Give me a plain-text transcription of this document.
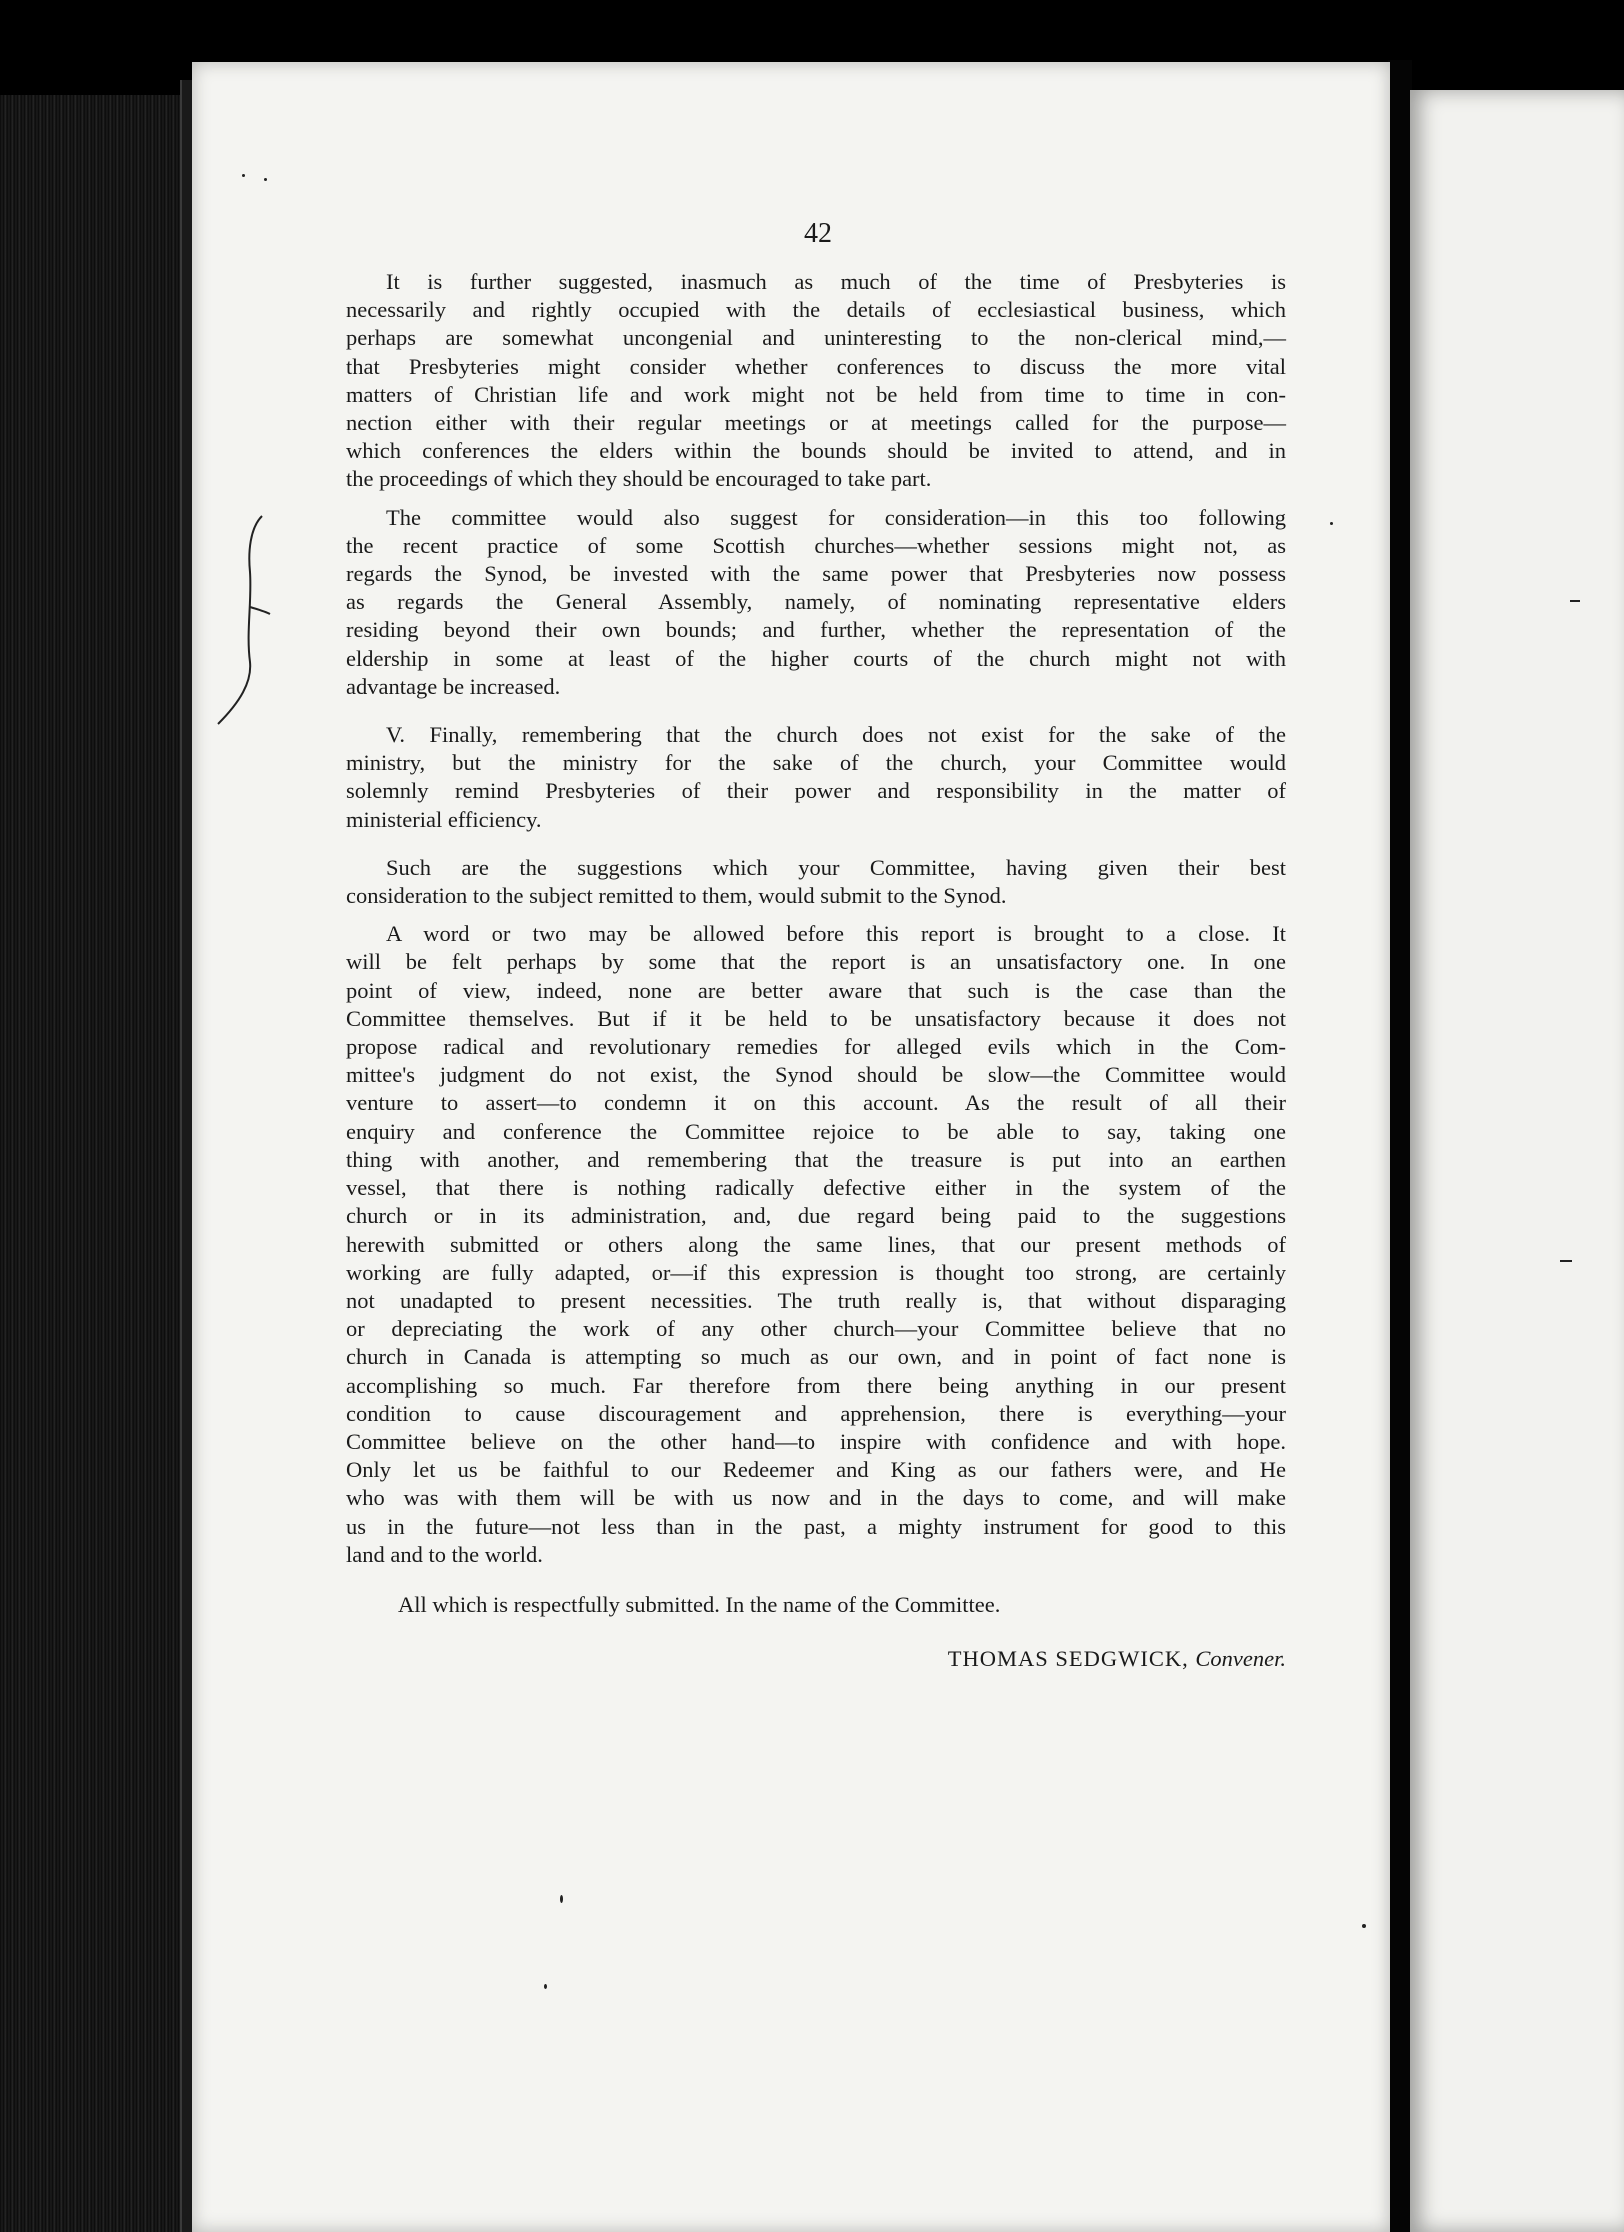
42
It is further suggested, inasmuch as much of the time of Presbyteries is
necessarily and rightly occupied with the details of ecclesiastical business, which
perhaps are somewhat uncongenial and uninteresting to the non-clerical mind,—
that Presbyteries might consider whether conferences to discuss the more vital
matters of Christian life and work might not be held from time to time in con-
nection either with their regular meetings or at meetings called for the purpose—
which conferences the elders within the bounds should be invited to attend, and in
the proceedings of which they should be encouraged to take part.
The committee would also suggest for consideration—in this too following
the recent practice of some Scottish churches—whether sessions might not, as
regards the Synod, be invested with the same power that Presbyteries now possess
as regards the General Assembly, namely, of nominating representative elders
residing beyond their own bounds; and further, whether the representation of the
eldership in some at least of the higher courts of the church might not with
advantage be increased.
V. Finally, remembering that the church does not exist for the sake of the
ministry, but the ministry for the sake of the church, your Committee would
solemnly remind Presbyteries of their power and responsibility in the matter of
ministerial efficiency.
Such are the suggestions which your Committee, having given their best
consideration to the subject remitted to them, would submit to the Synod.
A word or two may be allowed before this report is brought to a close. It
will be felt perhaps by some that the report is an unsatisfactory one. In one
point of view, indeed, none are better aware that such is the case than the
Committee themselves. But if it be held to be unsatisfactory because it does not
propose radical and revolutionary remedies for alleged evils which in the Com-
mittee's judgment do not exist, the Synod should be slow—the Committee would
venture to assert—to condemn it on this account. As the result of all their
enquiry and conference the Committee rejoice to be able to say, taking one
thing with another, and remembering that the treasure is put into an earthen
vessel, that there is nothing radically defective either in the system of the
church or in its administration, and, due regard being paid to the suggestions
herewith submitted or others along the same lines, that our present methods of
working are fully adapted, or—if this expression is thought too strong, are certainly
not unadapted to present necessities. The truth really is, that without disparaging
or depreciating the work of any other church—your Committee believe that no
church in Canada is attempting so much as our own, and in point of fact none is
accomplishing so much. Far therefore from there being anything in our present
condition to cause discouragement and apprehension, there is everything—your
Committee believe on the other hand—to inspire with confidence and with hope.
Only let us be faithful to our Redeemer and King as our fathers were, and He
who was with them will be with us now and in the days to come, and will make
us in the future—not less than in the past, a mighty instrument for good to this
land and to the world.
All which is respectfully submitted. In the name of the Committee.
THOMAS SEDGWICK, Convener.
